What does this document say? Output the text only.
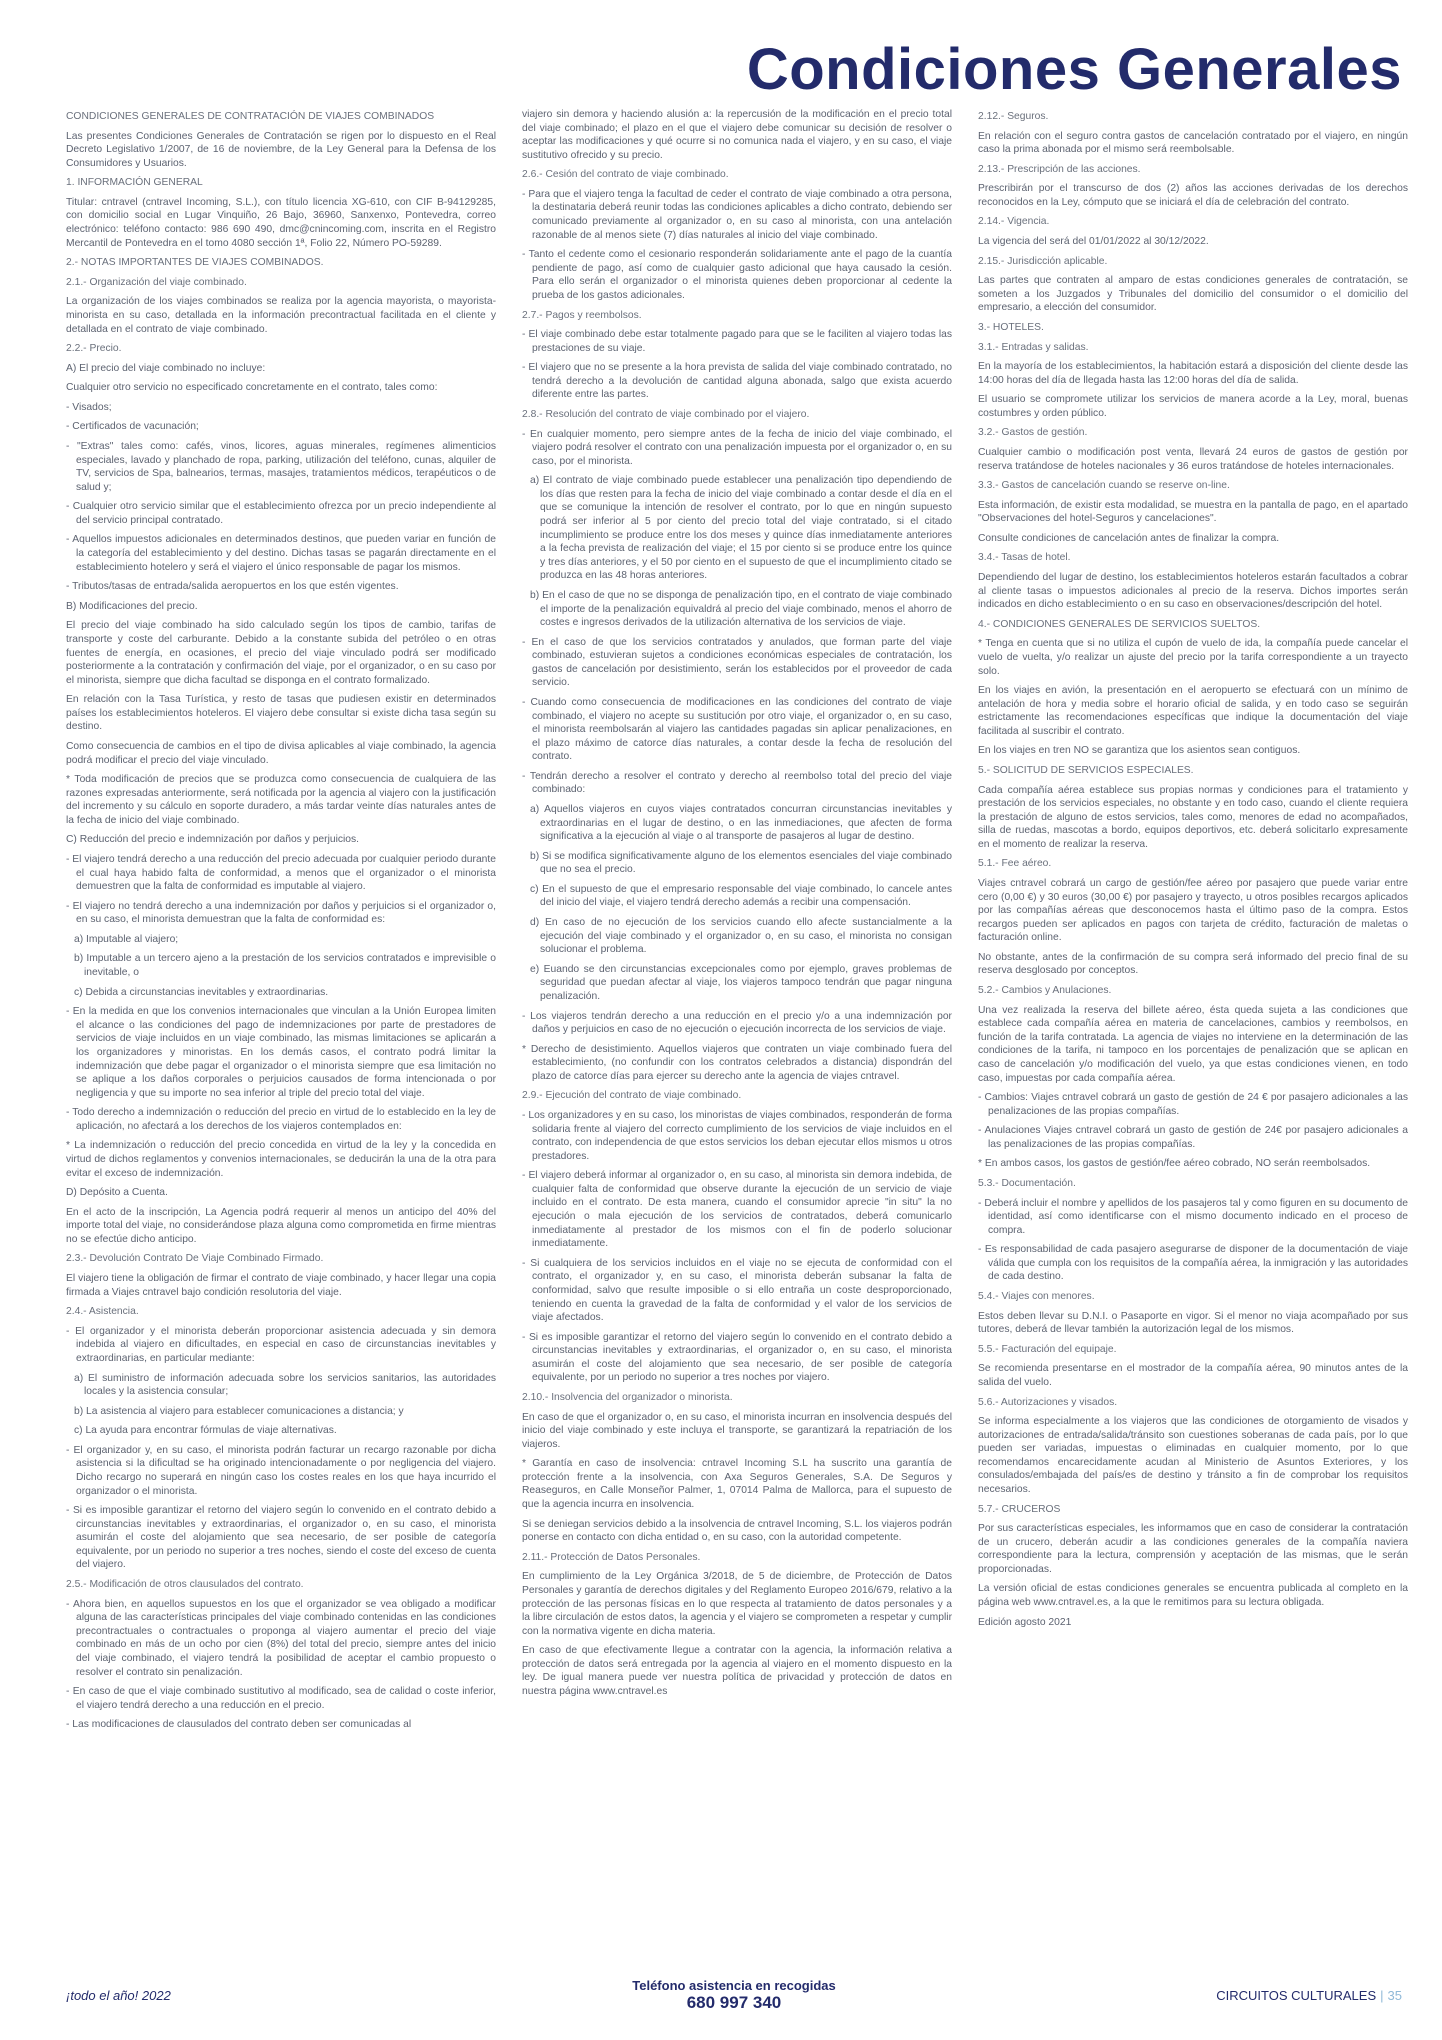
Condiciones Generales

CONDICIONES GENERALES DE CONTRATACIÓN DE VIAJES COMBINADOS

Las presentes Condiciones Generales de Contratación se rigen por lo dispuesto en el Real Decreto Legislativo 1/2007, de 16 de noviembre, de la Ley General para la Defensa de los Consumidores y Usuarios.

1. INFORMACIÓN GENERAL

Titular: cntravel (cntravel Incoming, S.L.), con título licencia XG-610, con CIF B-94129285, con domicilio social en Lugar Vinquiño, 26 Bajo, 36960, Sanxenxo, Pontevedra, correo electrónico: teléfono contacto: 986 690 490, dmc@cnincoming.com, inscrita en el Registro Mercantil de Pontevedra en el tomo 4080 sección 1ª, Folio 22, Número PO-59289.

2.- NOTAS IMPORTANTES DE VIAJES COMBINADOS.

2.1.- Organización del viaje combinado.

La organización de los viajes combinados se realiza por la agencia mayorista, o mayorista-minorista en su caso, detallada en la información precontractual facilitada en el cliente y detallada en el contrato de viaje combinado.

2.2.- Precio.

A) El precio del viaje combinado no incluye:

Cualquier otro servicio no especificado concretamente en el contrato, tales como:

- Visados;

- Certificados de vacunación;

- "Extras" tales como: cafés, vinos, licores, aguas minerales, regímenes alimenticios especiales, lavado y planchado de ropa, parking, utilización del teléfono, cunas, alquiler de TV, servicios de Spa, balnearios, termas, masajes, tratamientos médicos, terapéuticos o de salud y;

- Cualquier otro servicio similar que el establecimiento ofrezca por un precio independiente al del servicio principal contratado.

- Aquellos impuestos adicionales en determinados destinos, que pueden variar en función de la categoría del establecimiento y del destino. Dichas tasas se pagarán directamente en el establecimiento hotelero y será el viajero el único responsable de pagar los mismos.

- Tributos/tasas de entrada/salida aeropuertos en los que estén vigentes.

B) Modificaciones del precio.

El precio del viaje combinado ha sido calculado según los tipos de cambio, tarifas de transporte y coste del carburante. Debido a la constante subida del petróleo o en otras fuentes de energía, en ocasiones, el precio del viaje vinculado podrá ser modificado posteriormente a la contratación y confirmación del viaje, por el organizador, o en su caso por el minorista, siempre que dicha facultad se disponga en el contrato formalizado.

En relación con la Tasa Turística, y resto de tasas que pudiesen existir en determinados países los establecimientos hoteleros. El viajero debe consultar si existe dicha tasa según su destino.

Como consecuencia de cambios en el tipo de divisa aplicables al viaje combinado, la agencia podrá modificar el precio del viaje vinculado.

* Toda modificación de precios que se produzca como consecuencia de cualquiera de las razones expresadas anteriormente, será notificada por la agencia al viajero con la justificación del incremento y su cálculo en soporte duradero, a más tardar veinte días naturales antes de la fecha de inicio del viaje combinado.

C) Reducción del precio e indemnización por daños y perjuicios.

- El viajero tendrá derecho a una reducción del precio adecuada por cualquier periodo durante el cual haya habido falta de conformidad, a menos que el organizador o el minorista demuestren que la falta de conformidad es imputable al viajero.

- El viajero no tendrá derecho a una indemnización por daños y perjuicios si el organizador o, en su caso, el minorista demuestran que la falta de conformidad es:

a) Imputable al viajero;

b) Imputable a un tercero ajeno a la prestación de los servicios contratados e imprevisible o inevitable, o

c) Debida a circunstancias inevitables y extraordinarias.

- En la medida en que los convenios internacionales que vinculan a la Unión Europea limiten el alcance o las condiciones del pago de indemnizaciones por parte de prestadores de servicios de viaje incluidos en un viaje combinado, las mismas limitaciones se aplicarán a los organizadores y minoristas. En los demás casos, el contrato podrá limitar la indemnización que debe pagar el organizador o el minorista siempre que esa limitación no se aplique a los daños corporales o perjuicios causados de forma intencionada o por negligencia y que su importe no sea inferior al triple del precio total del viaje.

- Todo derecho a indemnización o reducción del precio en virtud de lo establecido en la ley de aplicación, no afectará a los derechos de los viajeros contemplados en:

* La indemnización o reducción del precio concedida en virtud de la ley y la concedida en virtud de dichos reglamentos y convenios internacionales, se deducirán la una de la otra para evitar el exceso de indemnización.

D) Depósito a Cuenta.

En el acto de la inscripción, La Agencia podrá requerir al menos un anticipo del 40% del importe total del viaje, no considerándose plaza alguna como comprometida en firme mientras no se efectúe dicho anticipo.

2.3.- Devolución Contrato De Viaje Combinado Firmado.

El viajero tiene la obligación de firmar el contrato de viaje combinado, y hacer llegar una copia firmada a Viajes cntravel bajo condición resolutoria del viaje.

2.4.- Asistencia.

- El organizador y el minorista deberán proporcionar asistencia adecuada y sin demora indebida al viajero en dificultades, en especial en caso de circunstancias inevitables y extraordinarias, en particular mediante:

a) El suministro de información adecuada sobre los servicios sanitarios, las autoridades locales y la asistencia consular;

b) La asistencia al viajero para establecer comunicaciones a distancia; y

c) La ayuda para encontrar fórmulas de viaje alternativas.

- El organizador y, en su caso, el minorista podrán facturar un recargo razonable por dicha asistencia si la dificultad se ha originado intencionadamente o por negligencia del viajero. Dicho recargo no superará en ningún caso los costes reales en los que haya incurrido el organizador o el minorista.

- Si es imposible garantizar el retorno del viajero según lo convenido en el contrato debido a circunstancias inevitables y extraordinarias, el organizador o, en su caso, el minorista asumirán el coste del alojamiento que sea necesario, de ser posible de categoría equivalente, por un periodo no superior a tres noches, siendo el coste del exceso de cuenta del viajero.

2.5.- Modificación de otros clausulados del contrato.

- Ahora bien, en aquellos supuestos en los que el organizador se vea obligado a modificar alguna de las características principales del viaje combinado contenidas en las condiciones precontractuales o contractuales o proponga al viajero aumentar el precio del viaje combinado en más de un ocho por cien (8%) del total del precio, siempre antes del inicio del viaje combinado, el viajero tendrá la posibilidad de aceptar el cambio propuesto o resolver el contrato sin penalización.

- En caso de que el viaje combinado sustitutivo al modificado, sea de calidad o coste inferior, el viajero tendrá derecho a una reducción en el precio.

- Las modificaciones de clausulados del contrato deben ser comunicadas al

viajero sin demora y haciendo alusión a: la repercusión de la modificación en el precio total del viaje combinado; el plazo en el que el viajero debe comunicar su decisión de resolver o aceptar las modificaciones y qué ocurre si no comunica nada el viajero, y en su caso, el viaje sustitutivo ofrecido y su precio.

2.6.- Cesión del contrato de viaje combinado.

- Para que el viajero tenga la facultad de ceder el contrato de viaje combinado a otra persona, la destinataria deberá reunir todas las condiciones aplicables a dicho contrato, debiendo ser comunicado previamente al organizador o, en su caso al minorista, con una antelación razonable de al menos siete (7) días naturales al inicio del viaje combinado.

- Tanto el cedente como el cesionario responderán solidariamente ante el pago de la cuantía pendiente de pago, así como de cualquier gasto adicional que haya causado la cesión. Para ello serán el organizador o el minorista quienes deben proporcionar al cedente la prueba de los gastos adicionales.

2.7.- Pagos y reembolsos.

- El viaje combinado debe estar totalmente pagado para que se le faciliten al viajero todas las prestaciones de su viaje.

- El viajero que no se presente a la hora prevista de salida del viaje combinado contratado, no tendrá derecho a la devolución de cantidad alguna abonada, salgo que exista acuerdo diferente entre las partes.

2.8.- Resolución del contrato de viaje combinado por el viajero.

- En cualquier momento, pero siempre antes de la fecha de inicio del viaje combinado, el viajero podrá resolver el contrato con una penalización impuesta por el organizador o, en su caso, por el minorista.

a) El contrato de viaje combinado puede establecer una penalización tipo dependiendo de los días que resten para la fecha de inicio del viaje combinado a contar desde el día en el que se comunique la intención de resolver el contrato, por lo que en ningún supuesto podrá ser inferior al 5 por ciento del precio total del viaje contratado, si el citado incumplimiento se produce entre los dos meses y quince días inmediatamente anteriores a la fecha prevista de realización del viaje; el 15 por ciento si se produce entre los quince y tres días anteriores, y el 50 por ciento en el supuesto de que el incumplimiento citado se produzca en las 48 horas anteriores.

b) En el caso de que no se disponga de penalización tipo, en el contrato de viaje combinado el importe de la penalización equivaldrá al precio del viaje combinado, menos el ahorro de costes e ingresos derivados de la utilización alternativa de los servicios de viaje.

- En el caso de que los servicios contratados y anulados, que forman parte del viaje combinado, estuvieran sujetos a condiciones económicas especiales de contratación, los gastos de cancelación por desistimiento, serán los establecidos por el proveedor de cada servicio.

- Cuando como consecuencia de modificaciones en las condiciones del contrato de viaje combinado, el viajero no acepte su sustitución por otro viaje, el organizador o, en su caso, el minorista reembolsarán al viajero las cantidades pagadas sin aplicar penalizaciones, en el plazo máximo de catorce días naturales, a contar desde la fecha de resolución del contrato.

- Tendrán derecho a resolver el contrato y derecho al reembolso total del precio del viaje combinado:

a) Aquellos viajeros en cuyos viajes contratados concurran circunstancias inevitables y extraordinarias en el lugar de destino, o en las inmediaciones, que afecten de forma significativa a la ejecución al viaje o al transporte de pasajeros al lugar de destino.

b) Si se modifica significativamente alguno de los elementos esenciales del viaje combinado que no sea el precio.

c) En el supuesto de que el empresario responsable del viaje combinado, lo cancele antes del inicio del viaje, el viajero tendrá derecho además a recibir una compensación.

d) En caso de no ejecución de los servicios cuando ello afecte sustancialmente a la ejecución del viaje combinado y el organizador o, en su caso, el minorista no consigan solucionar el problema.

e) Euando se den circunstancias excepcionales como por ejemplo, graves problemas de seguridad que puedan afectar al viaje, los viajeros tampoco tendrán que pagar ninguna penalización.

- Los viajeros tendrán derecho a una reducción en el precio y/o a una indemnización por daños y perjuicios en caso de no ejecución o ejecución incorrecta de los servicios de viaje.

* Derecho de desistimiento. Aquellos viajeros que contraten un viaje combinado fuera del establecimiento, (no confundir con los contratos celebrados a distancia) dispondrán del plazo de catorce días para ejercer su derecho ante la agencia de viajes cntravel.

2.9.- Ejecución del contrato de viaje combinado.

- Los organizadores y en su caso, los minoristas de viajes combinados, responderán de forma solidaria frente al viajero del correcto cumplimiento de los servicios de viaje incluidos en el contrato, con independencia de que estos servicios los deban ejecutar ellos mismos u otros prestadores.

- El viajero deberá informar al organizador o, en su caso, al minorista sin demora indebida, de cualquier falta de conformidad que observe durante la ejecución de un servicio de viaje incluido en el contrato. De esta manera, cuando el consumidor aprecie "in situ" la no ejecución o mala ejecución de los servicios de contratados, deberá comunicarlo inmediatamente al prestador de los mismos con el fin de poderlo solucionar inmediatamente.

- Si cualquiera de los servicios incluidos en el viaje no se ejecuta de conformidad con el contrato, el organizador y, en su caso, el minorista deberán subsanar la falta de conformidad, salvo que resulte imposible o si ello entraña un coste desproporcionado, teniendo en cuenta la gravedad de la falta de conformidad y el valor de los servicios de viaje afectados.

- Si es imposible garantizar el retorno del viajero según lo convenido en el contrato debido a circunstancias inevitables y extraordinarias, el organizador o, en su caso, el minorista asumirán el coste del alojamiento que sea necesario, de ser posible de categoría equivalente, por un periodo no superior a tres noches por viajero.

2.10.- Insolvencia del organizador o minorista.

En caso de que el organizador o, en su caso, el minorista incurran en insolvencia después del inicio del viaje combinado y este incluya el transporte, se garantizará la repatriación de los viajeros.

* Garantía en caso de insolvencia: cntravel Incoming S.L ha suscrito una garantía de protección frente a la insolvencia, con Axa Seguros Generales, S.A. De Seguros y Reaseguros, en Calle Monseñor Palmer, 1, 07014 Palma de Mallorca, para el supuesto de que la agencia incurra en insolvencia.

Si se deniegan servicios debido a la insolvencia de cntravel Incoming, S.L. los viajeros podrán ponerse en contacto con dicha entidad o, en su caso, con la autoridad competente.

2.11.- Protección de Datos Personales.

En cumplimiento de la Ley Orgánica 3/2018, de 5 de diciembre, de Protección de Datos Personales y garantía de derechos digitales y del Reglamento Europeo 2016/679, relativo a la protección de las personas físicas en lo que respecta al tratamiento de datos personales y a la libre circulación de estos datos, la agencia y el viajero se comprometen a respetar y cumplir con la normativa vigente en dicha materia.

En caso de que efectivamente llegue a contratar con la agencia, la información relativa a protección de datos será entregada por la agencia al viajero en el momento dispuesto en la ley. De igual manera puede ver nuestra política de privacidad y protección de datos en nuestra página www.cntravel.es

2.12.- Seguros.

En relación con el seguro contra gastos de cancelación contratado por el viajero, en ningún caso la prima abonada por el mismo será reembolsable.

2.13.- Prescripción de las acciones.

Prescribirán por el transcurso de dos (2) años las acciones derivadas de los derechos reconocidos en la Ley, cómputo que se iniciará el día de celebración del contrato.

2.14.- Vigencia.

La vigencia del será del 01/01/2022 al 30/12/2022.

2.15.- Jurisdicción aplicable.

Las partes que contraten al amparo de estas condiciones generales de contratación, se someten a los Juzgados y Tribunales del domicilio del consumidor o el domicilio del empresario, a elección del consumidor.

3.- HOTELES.

3.1.- Entradas y salidas.

En la mayoría de los establecimientos, la habitación estará a disposición del cliente desde las 14:00 horas del día de llegada hasta las 12:00 horas del día de salida.

El usuario se compromete utilizar los servicios de manera acorde a la Ley, moral, buenas costumbres y orden público.

3.2.- Gastos de gestión.

Cualquier cambio o modificación post venta, llevará 24 euros de gastos de gestión por reserva tratándose de hoteles nacionales y 36 euros tratándose de hoteles internacionales.

3.3.- Gastos de cancelación cuando se reserve on-line.

Esta información, de existir esta modalidad, se muestra en la pantalla de pago, en el apartado "Observaciones del hotel-Seguros y cancelaciones".

Consulte condiciones de cancelación antes de finalizar la compra.

3.4.- Tasas de hotel.

Dependiendo del lugar de destino, los establecimientos hoteleros estarán facultados a cobrar al cliente tasas o impuestos adicionales al precio de la reserva. Dichos importes serán indicados en dicho establecimiento o en su caso en observaciones/descripción del hotel.

4.- CONDICIONES GENERALES DE SERVICIOS SUELTOS.

* Tenga en cuenta que si no utiliza el cupón de vuelo de ida, la compañía puede cancelar el vuelo de vuelta, y/o realizar un ajuste del precio por la tarifa correspondiente a un trayecto solo.

En los viajes en avión, la presentación en el aeropuerto se efectuará con un mínimo de antelación de hora y media sobre el horario oficial de salida, y en todo caso se seguirán estrictamente las recomendaciones específicas que indique la documentación del viaje facilitada al suscribir el contrato.

En los viajes en tren NO se garantiza que los asientos sean contiguos.

5.- SOLICITUD DE SERVICIOS ESPECIALES.

Cada compañía aérea establece sus propias normas y condiciones para el tratamiento y prestación de los servicios especiales, no obstante y en todo caso, cuando el cliente requiera la prestación de alguno de estos servicios, tales como, menores de edad no acompañados, silla de ruedas, mascotas a bordo, equipos deportivos, etc. deberá solicitarlo expresamente en el momento de realizar la reserva.

5.1.- Fee aéreo.

Viajes cntravel cobrará un cargo de gestión/fee aéreo por pasajero que puede variar entre cero (0,00 €) y 30 euros (30,00 €) por pasajero y trayecto, u otros posibles recargos aplicados por las compañías aéreas que desconocemos hasta el último paso de la compra. Estos recargos pueden ser aplicados en pagos con tarjeta de crédito, facturación de maletas o facturación online.

No obstante, antes de la confirmación de su compra será informado del precio final de su reserva desglosado por conceptos.

5.2.- Cambios y Anulaciones.

Una vez realizada la reserva del billete aéreo, ésta queda sujeta a las condiciones que establece cada compañía aérea en materia de cancelaciones, cambios y reembolsos, en función de la tarifa contratada. La agencia de viajes no interviene en la determinación de las condiciones de la tarifa, ni tampoco en los porcentajes de penalización que se aplican en caso de cancelación y/o modificación del vuelo, ya que estas condiciones vienen, en todo caso, impuestas por cada compañía aérea.

- Cambios: Viajes cntravel cobrará un gasto de gestión de 24 € por pasajero adicionales a las penalizaciones de las propias compañías.

- Anulaciones Viajes cntravel cobrará un gasto de gestión de 24€ por pasajero adicionales a las penalizaciones de las propias compañías.

* En ambos casos, los gastos de gestión/fee aéreo cobrado, NO serán reembolsados.

5.3.- Documentación.

- Deberá incluir el nombre y apellidos de los pasajeros tal y como figuren en su documento de identidad, así como identificarse con el mismo documento indicado en el proceso de compra.

- Es responsabilidad de cada pasajero asegurarse de disponer de la documentación de viaje válida que cumpla con los requisitos de la compañía aérea, la inmigración y las autoridades de cada destino.

5.4.- Viajes con menores.

Estos deben llevar su D.N.I. o Pasaporte en vigor. Si el menor no viaja acompañado por sus tutores, deberá de llevar también la autorización legal de los mismos.

5.5.- Facturación del equipaje.

Se recomienda presentarse en el mostrador de la compañía aérea, 90 minutos antes de la salida del vuelo.

5.6.- Autorizaciones y visados.

Se informa especialmente a los viajeros que las condiciones de otorgamiento de visados y autorizaciones de entrada/salida/tránsito son cuestiones soberanas de cada país, por lo que pueden ser variadas, impuestas o eliminadas en cualquier momento, por lo que recomendamos encarecidamente acudan al Ministerio de Asuntos Exteriores, y los consulados/embajada del país/es de destino y tránsito a fin de comprobar los requisitos necesarios.

5.7.- CRUCEROS

Por sus características especiales, les informamos que en caso de considerar la contratación de un crucero, deberán acudir a las condiciones generales de la compañía naviera correspondiente para la lectura, comprensión y aceptación de las mismas, que le serán proporcionadas.

La versión oficial de estas condiciones generales se encuentra publicada al completo en la página web www.cntravel.es, a la que le remitimos para su lectura obligada.

Edición agosto 2021

¡todo el año! 2022
Teléfono asistencia en recogidas
680 997 340	CIRCUITOS CULTURALES | 35
